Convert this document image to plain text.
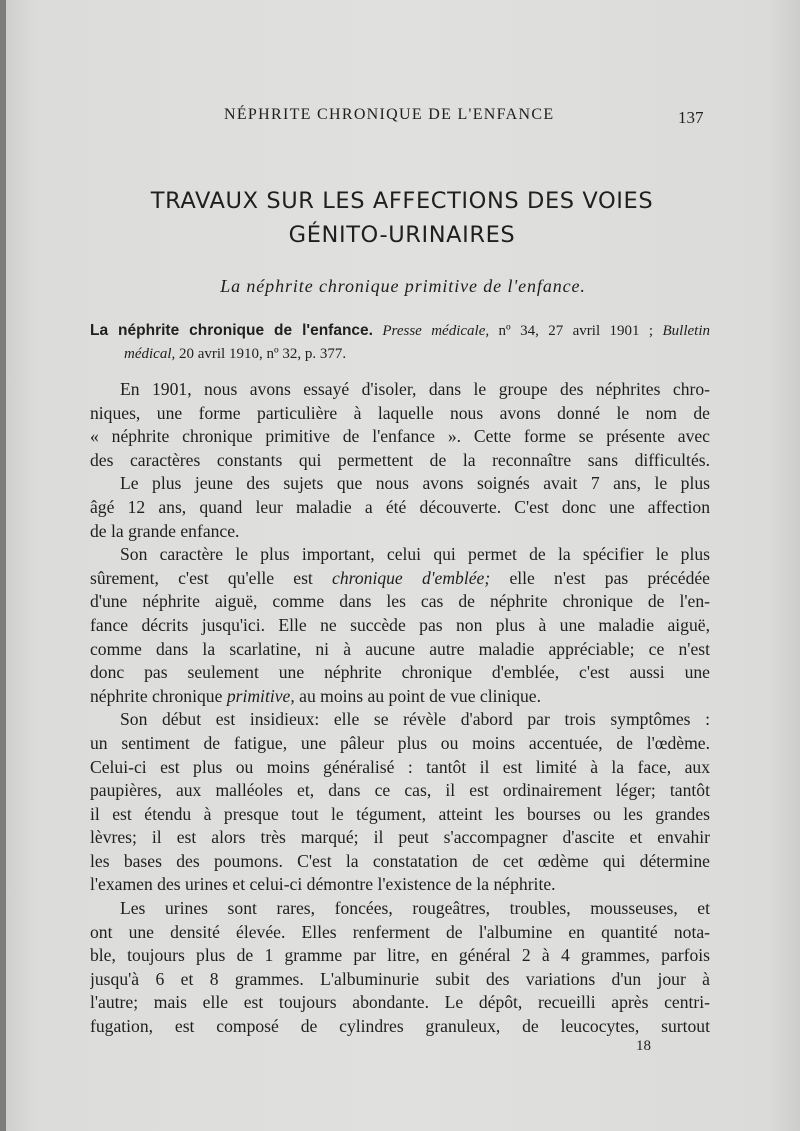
NÉPHRITE CHRONIQUE DE L'ENFANCE	137
TRAVAUX SUR LES AFFECTIONS DES VOIES
GÉNITO-URINAIRES
La néphrite chronique primitive de l'enfance.
La néphrite chronique de l'enfance. Presse médicale, nº 34, 27 avril 1901 ; Bulletin
médical, 20 avril 1910, nº 32, p. 377.
En 1901, nous avons essayé d'isoler, dans le groupe des néphrites chro-
niques, une forme particulière à laquelle nous avons donné le nom de
« néphrite chronique primitive de l'enfance ». Cette forme se présente avec
des caractères constants qui permettent de la reconnaître sans difficultés.
Le plus jeune des sujets que nous avons soignés avait 7 ans, le plus
âgé 12 ans, quand leur maladie a été découverte. C'est donc une affection
de la grande enfance.
Son caractère le plus important, celui qui permet de la spécifier le plus
sûrement, c'est qu'elle est chronique d'emblée; elle n'est pas précédée
d'une néphrite aiguë, comme dans les cas de néphrite chronique de l'en-
fance décrits jusqu'ici. Elle ne succède pas non plus à une maladie aiguë,
comme dans la scarlatine, ni à aucune autre maladie appréciable; ce n'est
donc pas seulement une néphrite chronique d'emblée, c'est aussi une
néphrite chronique primitive, au moins au point de vue clinique.
Son début est insidieux: elle se révèle d'abord par trois symptômes :
un sentiment de fatigue, une pâleur plus ou moins accentuée, de l'œdème.
Celui-ci est plus ou moins généralisé : tantôt il est limité à la face, aux
paupières, aux malléoles et, dans ce cas, il est ordinairement léger; tantôt
il est étendu à presque tout le tégument, atteint les bourses ou les grandes
lèvres; il est alors très marqué; il peut s'accompagner d'ascite et envahir
les bases des poumons. C'est la constatation de cet œdème qui détermine
l'examen des urines et celui-ci démontre l'existence de la néphrite.
Les urines sont rares, foncées, rougeâtres, troubles, mousseuses, et
ont une densité élevée. Elles renferment de l'albumine en quantité nota-
ble, toujours plus de 1 gramme par litre, en général 2 à 4 grammes, parfois
jusqu'à 6 et 8 grammes. L'albuminurie subit des variations d'un jour à
l'autre; mais elle est toujours abondante. Le dépôt, recueilli après centri-
fugation, est composé de cylindres granuleux, de leucocytes, surtout
18
